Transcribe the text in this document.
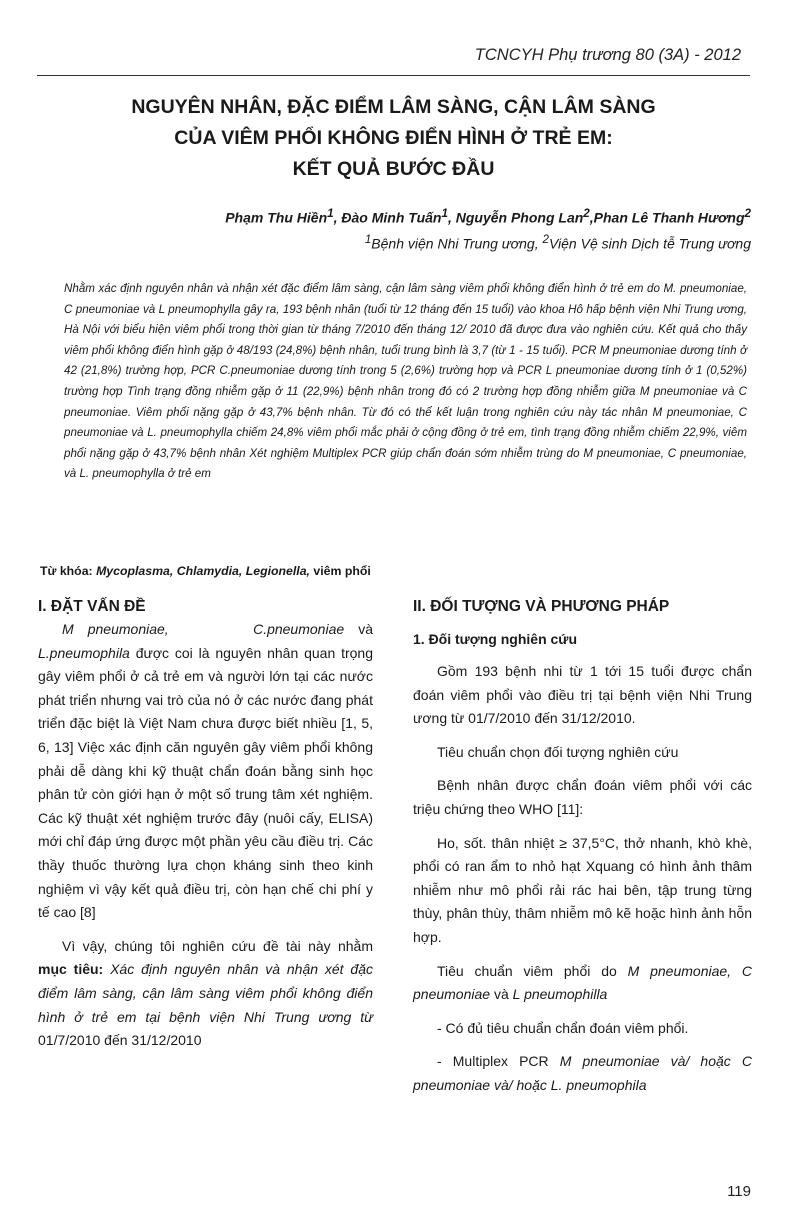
TCNCYH Phụ trương 80 (3A) - 2012
NGUYÊN NHÂN, ĐẶC ĐIỂM LÂM SÀNG, CẬN LÂM SÀNG
CỦA VIÊM PHỔI KHÔNG ĐIỂN HÌNH Ở TRẺ EM:
KẾT QUẢ BƯỚC ĐẦU
Phạm Thu Hiền$^1$, Đào Minh Tuấn$^1$, Nguyễn Phong Lan$^2$,Phan Lê Thanh Hương$^2$
$^1$Bệnh viện Nhi Trung ương, $^2$Viện Vệ sinh Dịch tễ Trung ương
Nhằm xác định nguyên nhân và nhận xét đặc điểm lâm sàng, cận lâm sàng viêm phổi không điển hình ở trẻ em do M. pneumoniae, C pneumoniae và L pneumophylla gây ra, 193 bệnh nhân (tuổi từ 12 tháng đến 15 tuổi) vào khoa Hô hấp bệnh viện Nhi Trung ương, Hà Nội với biểu hiện viêm phổi trong thời gian từ tháng 7/2010 đến tháng 12/ 2010 đã được đưa vào nghiên cứu. Kết quả cho thấy viêm phổi không điển hình gặp ở 48/193 (24,8%) bệnh nhân, tuổi trung bình là 3,7 (từ 1 - 15 tuổi). PCR M pneumoniae dương tính ở 42 (21,8%) trường hợp, PCR C.pneumoniae dương tính trong 5 (2,6%) trường hợp và PCR L pneumoniae dương tính ở 1 (0,52%) trường hợp Tình trạng đồng nhiễm gặp ở 11 (22,9%) bệnh nhân trong đó có 2 trường hợp đồng nhiễm giữa M pneumoniae và C pneumoniae. Viêm phổi nặng gặp ở 43,7% bệnh nhân. Từ đó có thể kết luận trong nghiên cứu này tác nhân M pneumoniae, C pneumoniae và L. pneumophylla chiếm 24,8% viêm phổi mắc phải ở cộng đồng ở trẻ em, tình trạng đồng nhiễm chiếm 22,9%, viêm phổi nặng gặp ở 43,7% bệnh nhân Xét nghiệm Multiplex PCR giúp chẩn đoán sớm nhiễm trùng do M pneumoniae, C pneumoniae, và L. pneumophylla ở trẻ em
Từ khóa: Mycoplasma, Chlamydia, Legionella, viêm phổi
I. ĐẶT VẤN ĐỀ

M pneumoniae,	C.pneumoniae và L.pneumophila được coi là nguyên nhân quan trọng gây viêm phổi ở cả trẻ em và người lớn tại các nước phát triển nhưng vai trò của nó ở các nước đang phát triển đặc biệt là Việt Nam chưa được biết nhiều [1, 5, 6, 13] Việc xác định căn nguyên gây viêm phổi không phải dễ dàng khi kỹ thuật chẩn đoán bằng sinh học phân tử còn giới hạn ở một số trung tâm xét nghiệm. Các kỹ thuật xét nghiệm trước đây (nuôi cấy, ELISA) mới chỉ đáp ứng được một phần yêu cầu điều trị. Các thầy thuốc thường lựa chọn kháng sinh theo kinh nghiệm vì vậy kết quả điều trị, còn hạn chế chi phí y tế cao [8]

Vì vậy, chúng tôi nghiên cứu đề tài này nhằm mục tiêu: Xác định nguyên nhân và nhận xét đặc điểm lâm sàng, cận lâm sàng viêm phổi không điển hình ở trẻ em tại bệnh viện Nhi Trung ương từ 01/7/2010 đến 31/12/2010

II. ĐỐI TƯỢNG VÀ PHƯƠNG PHÁP
1. Đối tượng nghiên cứu

Gồm 193 bệnh nhi từ 1 tới 15 tuổi được chẩn đoán viêm phổi vào điều trị tại bệnh viện Nhi Trung ương từ 01/7/2010 đến 31/12/2010.

Tiêu chuẩn chọn đối tượng nghiên cứu

Bệnh nhân được chẩn đoán viêm phổi với các triệu chứng theo WHO [11]:

Ho, sốt. thân nhiệt ≥ 37,5°C, thở nhanh, khò khè, phổi có ran ẩm to nhỏ hạt Xquang có hình ảnh thâm nhiễm như mô phổi rải rác hai bên, tập trung từng thùy, phân thùy, thâm nhiễm mô kẽ hoặc hình ảnh hỗn hợp.

Tiêu chuẩn viêm phổi do M pneumoniae, C pneumoniae và L pneumophilla

- Có đủ tiêu chuẩn chẩn đoán viêm phổi.

- Multiplex PCR M pneumoniae và/ hoặc C pneumoniae và/ hoặc L. pneumophila

119
